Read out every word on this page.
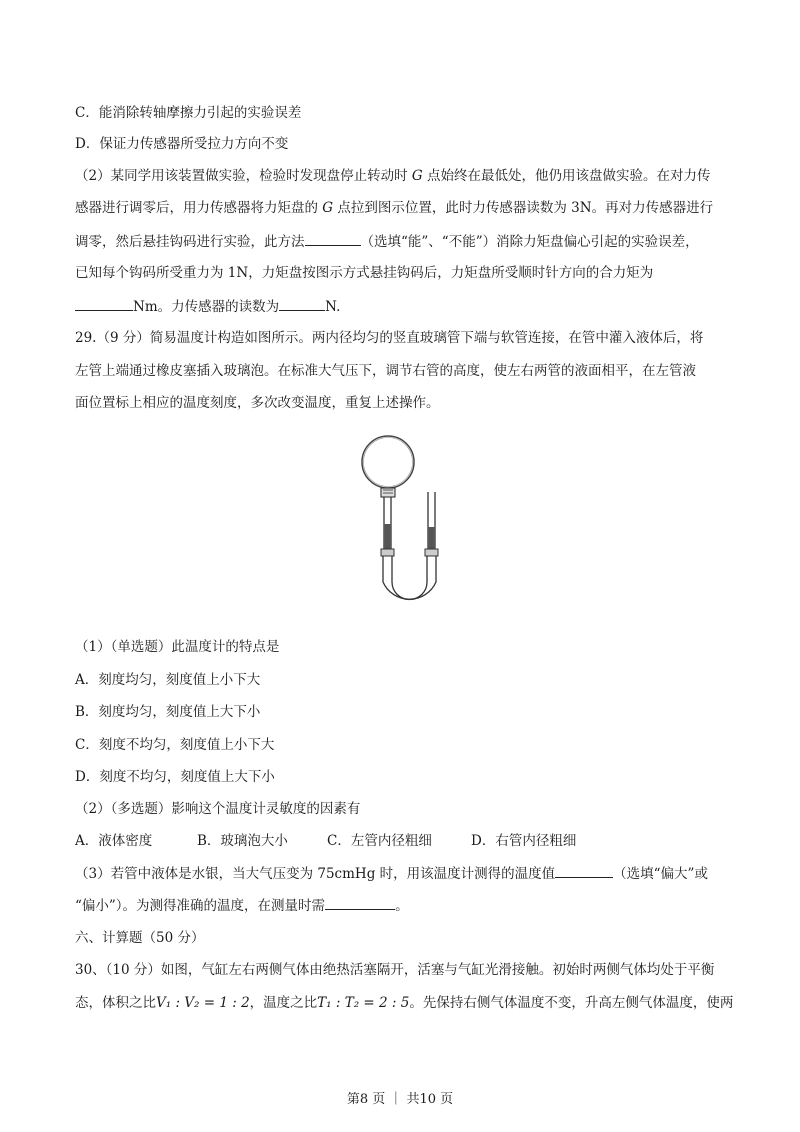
C．能消除转轴摩擦力引起的实验误差
D．保证力传感器所受拉力方向不变
（2）某同学用该装置做实验，检验时发现盘停止转动时 G 点始终在最低处，他仍用该盘做实验。在对力传
感器进行调零后，用力传感器将力矩盘的 G 点拉到图示位置，此时力传感器读数为 3N。再对力传感器进行
调零，然后悬挂钩码进行实验，此方法	（选填“能”、“不能”）消除力矩盘偏心引起的实验误差，
已知每个钩码所受重力为 1N，力矩盘按图示方式悬挂钩码后，力矩盘所受顺时针方向的合力矩为
Nm。力传感器的读数为	N.
29.（9 分）简易温度计构造如图所示。两内径均匀的竖直玻璃管下端与软管连接，在管中灌入液体后，将
左管上端通过橡皮塞插入玻璃泡。在标准大气压下，调节右管的高度，使左右两管的液面相平，在左管液
面位置标上相应的温度刻度，多次改变温度，重复上述操作。
（1）（单选题）此温度计的特点是
A．刻度均匀，刻度值上小下大
B．刻度均匀，刻度值上大下小
C．刻度不均匀，刻度值上小下大
D．刻度不均匀，刻度值上大下小
（2）（多选题）影响这个温度计灵敏度的因素有
A．液体密度	B．玻璃泡大小	C．左管内径粗细	D．右管内径粗细
（3）若管中液体是水银，当大气压变为 75cmHg 时，用该温度计测得的温度值	（选填“偏大”或
“偏小”）。为测得准确的温度，在测量时需	。
六、计算题（50 分）
30、（10 分）如图，气缸左右两侧气体由绝热活塞隔开，活塞与气缸光滑接触。初始时两侧气体均处于平衡
态，体积之比V₁ : V₂ = 1 : 2，温度之比T₁ : T₂ = 2 : 5。先保持右侧气体温度不变，升高左侧气体温度，使两
第8 页 ｜ 共10 页
